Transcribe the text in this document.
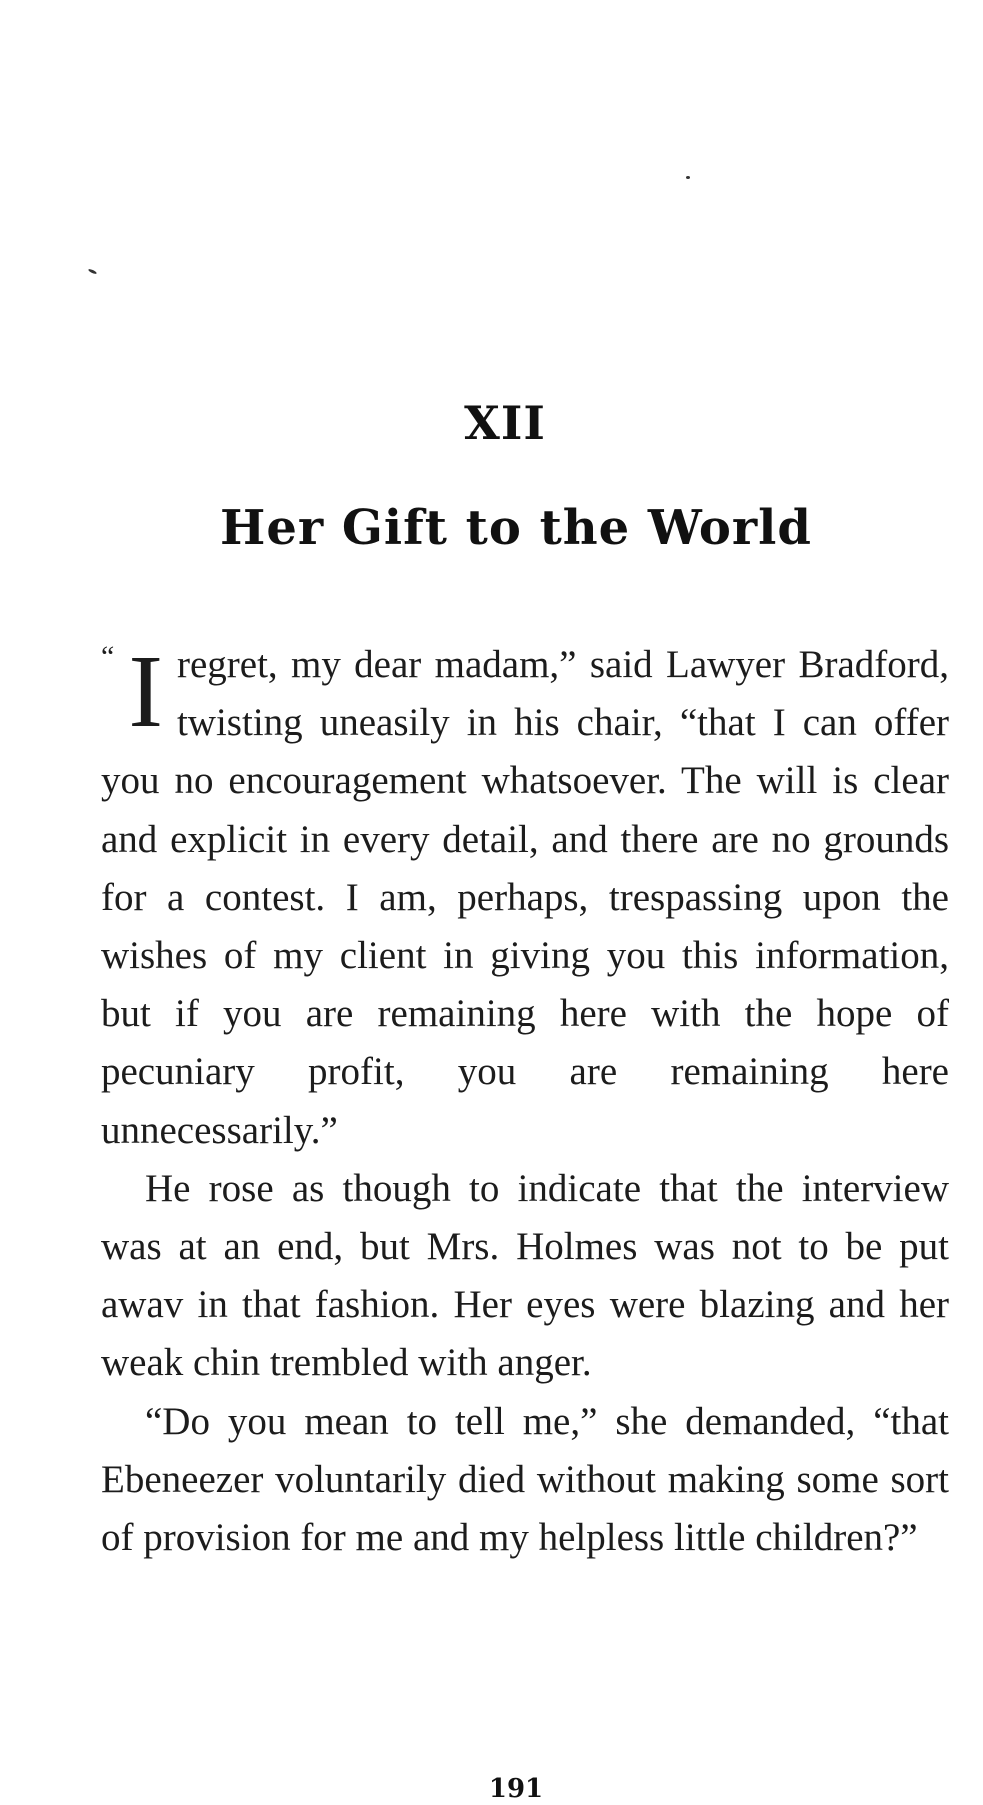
XII
Her Gift to the World

“ I regret, my dear madam,” said Lawyer Bradford, twisting uneasily in his chair, “that I can offer you no encouragement whatsoever. The will is clear and explicit in every detail, and there are no grounds for a contest. I am, perhaps, trespassing upon the wishes of my client in giving you this information, but if you are remaining here with the hope of pecuniary profit, you are remaining here unnecessarily.”

He rose as though to indicate that the interview was at an end, but Mrs. Holmes was not to be put awav in that fashion. Her eyes were blazing and her weak chin trembled with anger.

“Do you mean to tell me,” she demanded, “that Ebeneezer voluntarily died without making some sort of provision for me and my helpless little children?”

191
